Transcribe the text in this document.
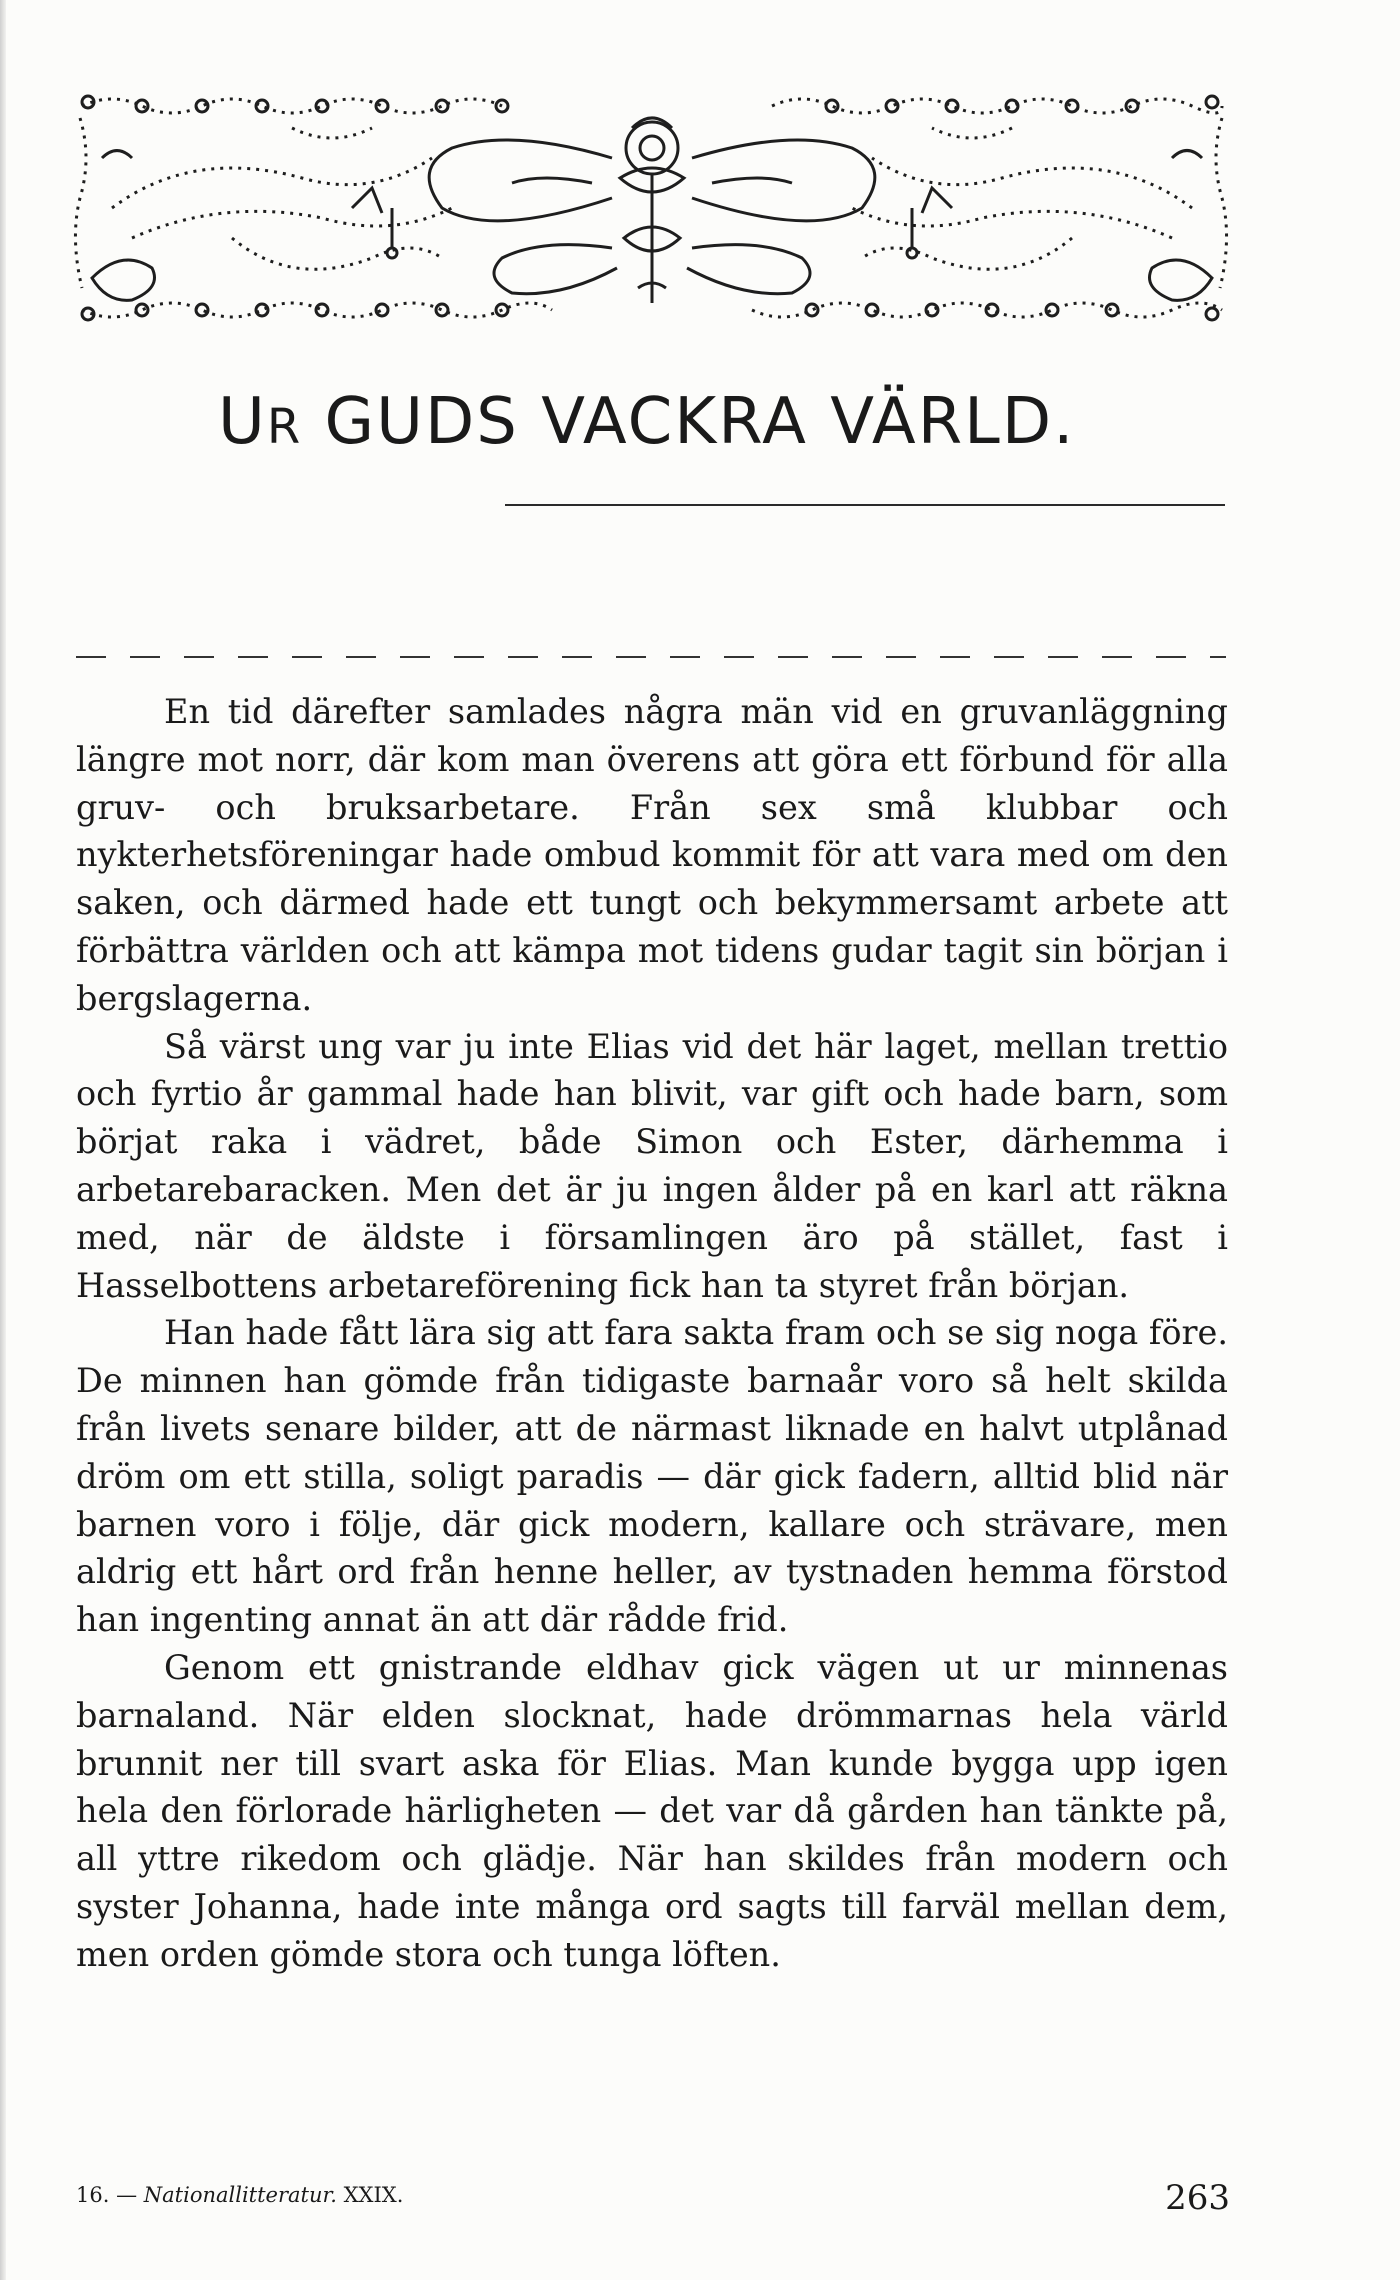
UR GUDS VACKRA VÄRLD.

En tid därefter samlades några män vid en gruvanläggning längre mot norr, där kom man överens att göra ett förbund för alla gruv- och bruksarbetare. Från sex små klubbar och nykterhetsföreningar hade ombud kommit för att vara med om den saken, och därmed hade ett tungt och bekymmersamt arbete att förbättra världen och att kämpa mot tidens gudar tagit sin början i bergslagerna.

Så värst ung var ju inte Elias vid det här laget, mellan trettio och fyrtio år gammal hade han blivit, var gift och hade barn, som börjat raka i vädret, både Simon och Ester, därhemma i arbetarebaracken. Men det är ju ingen ålder på en karl att räkna med, när de äldste i församlingen äro på stället, fast i Hasselbottens arbetareförening fick han ta styret från början.

Han hade fått lära sig att fara sakta fram och se sig noga före. De minnen han gömde från tidigaste barnaår voro så helt skilda från livets senare bilder, att de närmast liknade en halvt utplånad dröm om ett stilla, soligt paradis — där gick fadern, alltid blid när barnen voro i följe, där gick modern, kallare och strävare, men aldrig ett hårt ord från henne heller, av tystnaden hemma förstod han ingenting annat än att där rådde frid.

Genom ett gnistrande eldhav gick vägen ut ur minnenas barnaland. När elden slocknat, hade drömmarnas hela värld brunnit ner till svart aska för Elias. Man kunde bygga upp igen hela den förlorade härligheten — det var då gården han tänkte på, all yttre rikedom och glädje. När han skildes från modern och syster Johanna, hade inte många ord sagts till farväl mellan dem, men orden gömde stora och tunga löften.

16. — Nationallitteratur. XXIX.	263
